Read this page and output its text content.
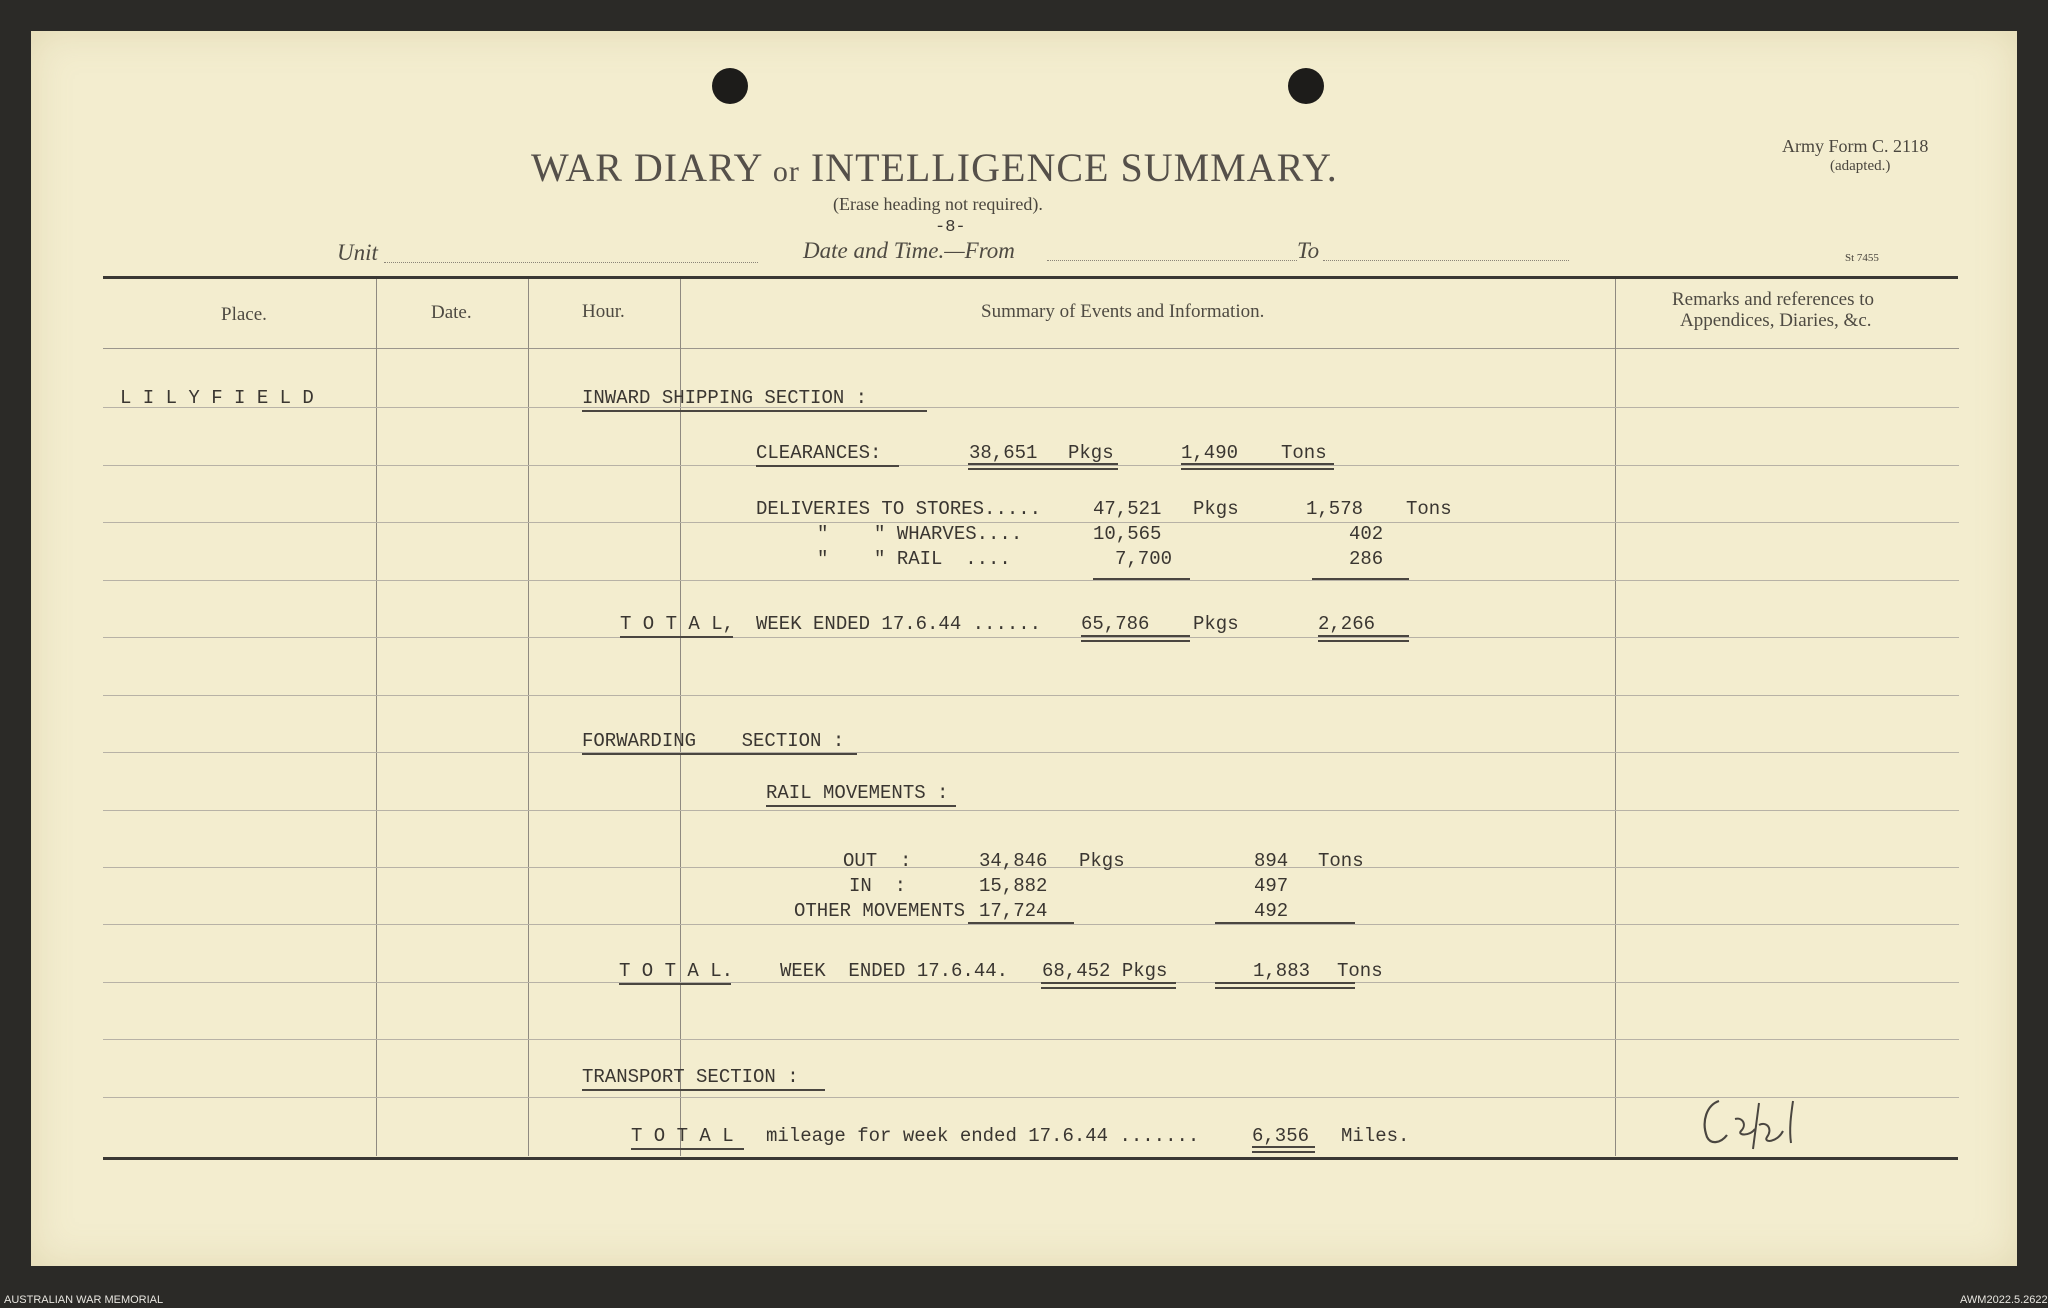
WAR DIARY or INTELLIGENCE SUMMARY.
(Erase heading not required).
-8-
Army Form C. 2118
(adapted.)
St 7455
Unit	Date and Time.—From	To
Place.	Date.	Hour.	Summary of Events and Information.
Remarks and references to
Appendices, Diaries, &c.
L I L Y F I E L D	INWARD SHIPPING SECTION :
CLEARANCES:	38,651 Pkgs	1,490 Tons
DELIVERIES TO STORES.....	47,521 Pkgs	1,578 Tons
"    " WHARVES....	10,565	402
"    " RAIL  ....	7,700	286
T O T A L, WEEK ENDED 17.6.44 ...... 65,786 Pkgs	2,266
FORWARDING    SECTION :
RAIL MOVEMENTS :
OUT  :	34,846 Pkgs	894 Tons
IN  :	15,882	497
OTHER MOVEMENTS 17,724	492
T O T A L. WEEK  ENDED 17.6.44. 68,452 Pkgs	1,883 Tons
TRANSPORT SECTION :
T O T A L mileage for week ended 17.6.44 .......	6,356 Miles.
AUSTRALIAN WAR MEMORIAL	AWM2022.5.2622
